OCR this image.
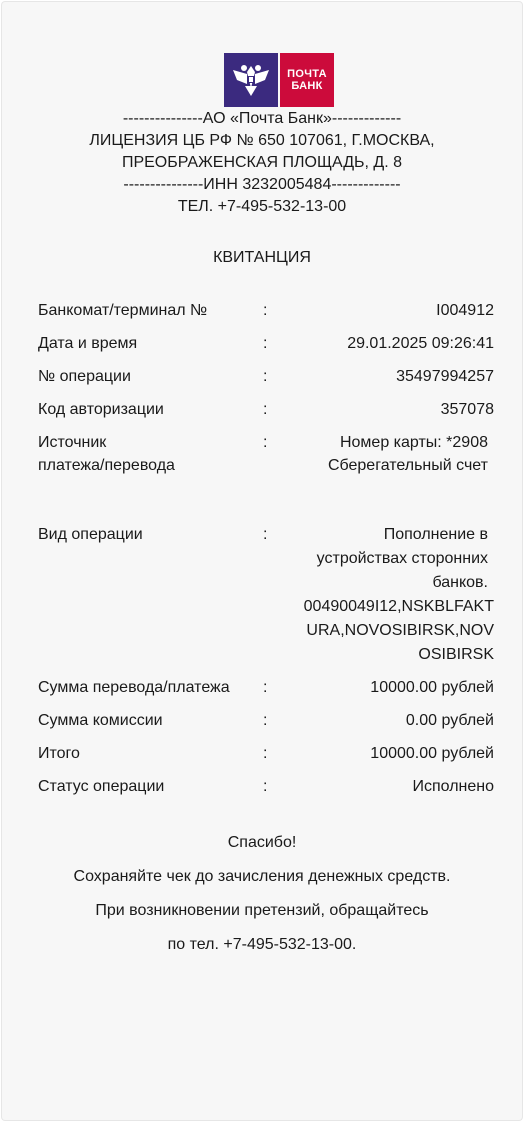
ПОЧТА
БАНК
---------------АО «Почта Банк»-------------
ЛИЦЕНЗИЯ ЦБ РФ № 650 107061, Г.МОСКВА,
ПРЕОБРАЖЕНСКАЯ ПЛОЩАДЬ, Д. 8
---------------ИНН 3232005484-------------
ТЕЛ. +7-495-532-13-00
КВИТАНЦИЯ
Банкомат/терминал №	:	I004912
Дата и время	:	29.01.2025 09:26:41
№ операции	:	35497994257
Код авторизации	:	357078
Источник
платежа/перевода
:	Номер карты: *2908
Сберегательный счет
Вид операции	:	Пополнение в
устройствах сторонних
банков.
00490049I12,NSKBLFAKT
URA,NOVOSIBIRSK,NOV
OSIBIRSK
Сумма перевода/платежа	:	10000.00 рублей
Сумма комиссии	:	0.00 рублей
Итого	:	10000.00 рублей
Статус операции	:	Исполнено
Спасибо!
Сохраняйте чек до зачисления денежных средств.
При возникновении претензий, обращайтесь
по тел. +7-495-532-13-00.
